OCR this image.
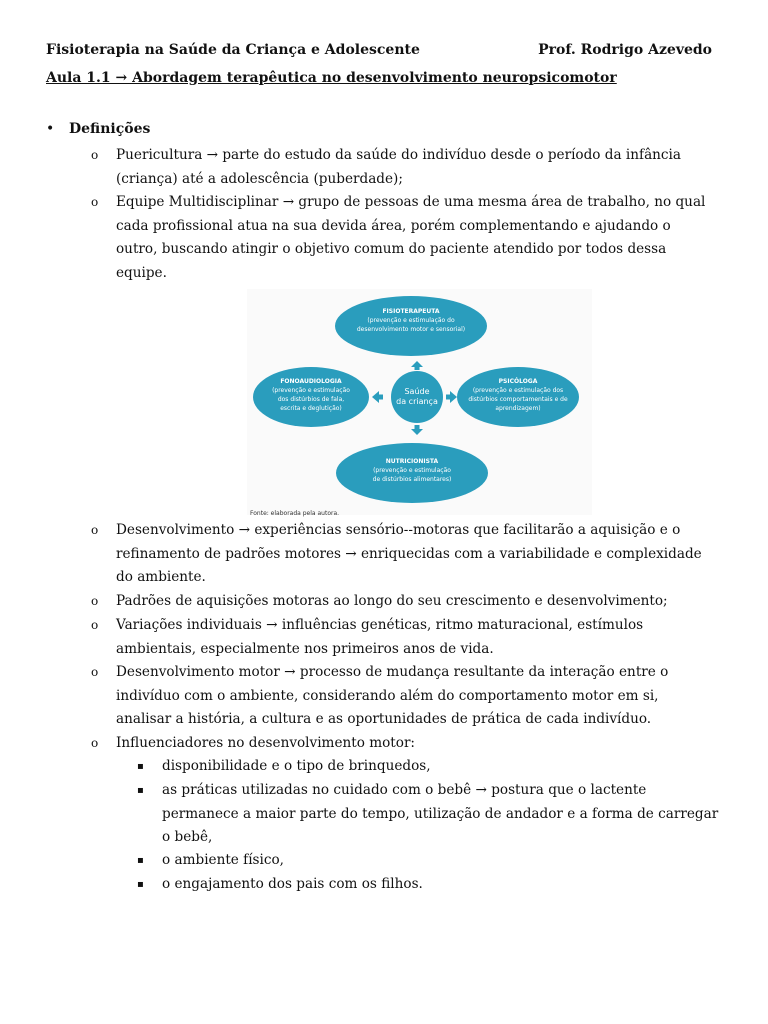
Fisioterapia na Saúde da Criança e Adolescente	Prof. Rodrigo Azevedo
Aula 1.1 → Abordagem terapêutica no desenvolvimento neuropsicomotor
•	Definições
o Puericultura → parte do estudo da saúde do indivíduo desde o período da infância
(criança) até a adolescência (puberdade);
o Equipe Multidisciplinar → grupo de pessoas de uma mesma área de trabalho, no qual
cada profissional atua na sua devida área, porém complementando e ajudando o
outro, buscando atingir o objetivo comum do paciente atendido por todos dessa
equipe.
FISIOTERAPEUTA
(prevenção e estimulação do
desenvolvimento motor e sensorial)
FONOAUDIOLOGIA
(prevenção e estimulação
dos distúrbios de fala,
escrita e deglutição)
PSICÓLOGA
(prevenção e estimulação dos
distúrbios comportamentais e de
aprendizagem)
NUTRICIONISTA
(prevenção e estimulação
de distúrbios alimentares)
Saúde
da criança
Fonte: elaborada pela autora.
o Desenvolvimento → experiências sensório--motoras que facilitarão a aquisição e o
refinamento de padrões motores → enriquecidas com a variabilidade e complexidade
do ambiente.
o Padrões de aquisições motoras ao longo do seu crescimento e desenvolvimento;
o Variações individuais → influências genéticas, ritmo maturacional, estímulos
ambientais, especialmente nos primeiros anos de vida.
o Desenvolvimento motor → processo de mudança resultante da interação entre o
indivíduo com o ambiente, considerando além do comportamento motor em si,
analisar a história, a cultura e as oportunidades de prática de cada indivíduo.
o Influenciadores no desenvolvimento motor:
▪ disponibilidade e o tipo de brinquedos,
▪ as práticas utilizadas no cuidado com o bebê → postura que o lactente
permanece a maior parte do tempo, utilização de andador e a forma de carregar
o bebê,
▪ o ambiente físico,
▪ o engajamento dos pais com os filhos.
